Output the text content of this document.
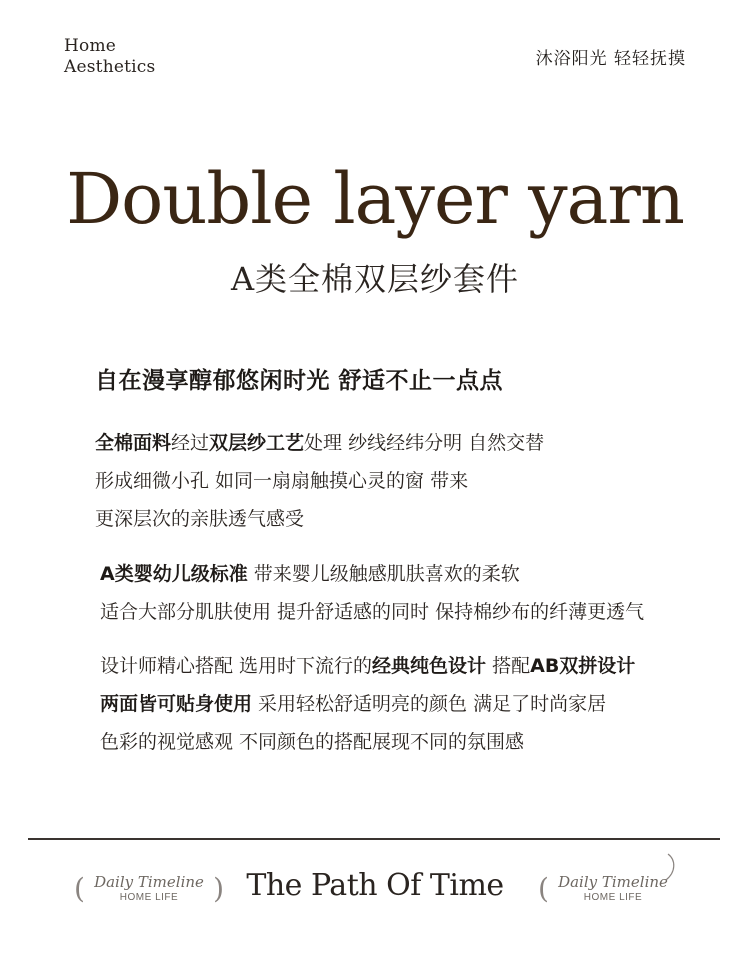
Home
Aesthetics	沐浴阳光 轻轻抚摸
Double layer yarn
A类全棉双层纱套件
自在漫享醇郁悠闲时光 舒适不止一点点
全棉面料经过双层纱工艺处理 纱线经纬分明 自然交替
形成细微小孔 如同一扇扇触摸心灵的窗 带来
更深层次的亲肤透气感受
A类婴幼儿级标准 带来婴儿级触感肌肤喜欢的柔软
适合大部分肌肤使用 提升舒适感的同时 保持棉纱布的纤薄更透气
设计师精心搭配 选用时下流行的经典纯色设计 搭配AB双拼设计
两面皆可贴身使用 采用轻松舒适明亮的颜色 满足了时尚家居
色彩的视觉感观 不同颜色的搭配展现不同的氛围感
( Daily Timeline
HOME LIFE	) The Path Of Time	( Daily Timeline
HOME LIFE
